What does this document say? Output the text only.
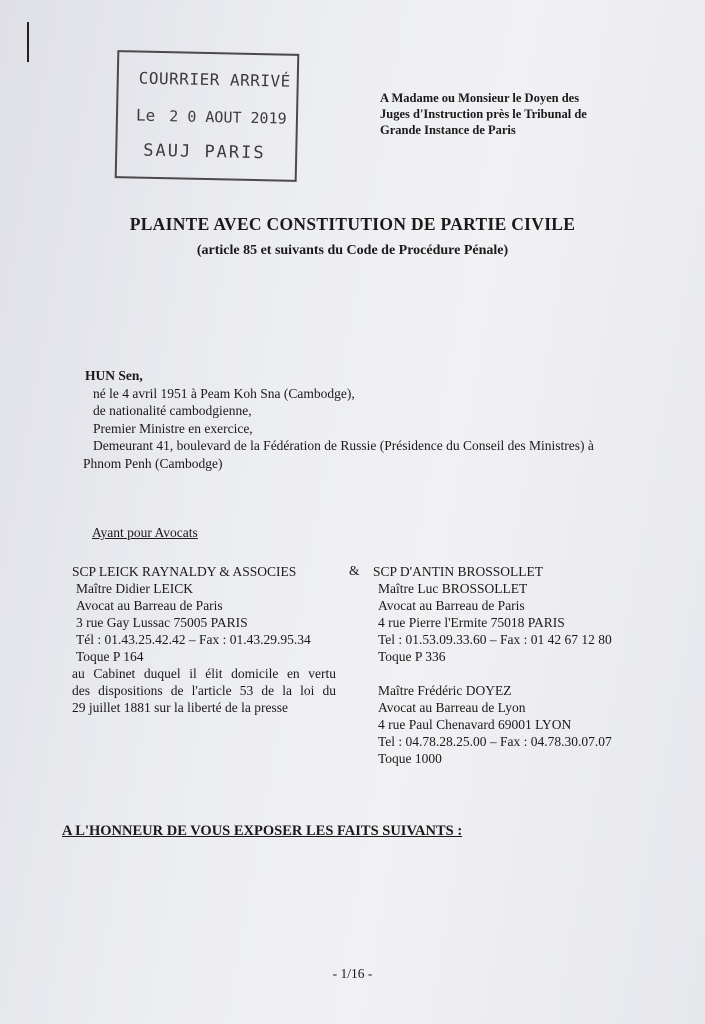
COURRIER ARRIVÉ
Le 2 0 AOUT 2019
SAUJ PARIS
A Madame ou Monsieur le Doyen des
Juges d'Instruction près le Tribunal de
Grande Instance de Paris
PLAINTE AVEC CONSTITUTION DE PARTIE CIVILE
(article 85 et suivants du Code de Procédure Pénale)
HUN Sen,
né le 4 avril 1951 à Peam Koh Sna (Cambodge),
de nationalité cambodgienne,
Premier Ministre en exercice,
Demeurant 41, boulevard de la Fédération de Russie (Présidence du Conseil des Ministres) à
Phnom Penh (Cambodge)
Ayant pour Avocats
SCP LEICK RAYNALDY & ASSOCIES
Maître Didier LEICK
Avocat au Barreau de Paris
3 rue Gay Lussac 75005 PARIS
Tél : 01.43.25.42.42 – Fax : 01.43.29.95.34
Toque P 164
au Cabinet duquel il élit domicile en vertu
des dispositions de l'article 53 de la loi du
29 juillet 1881 sur la liberté de la presse
& SCP D'ANTIN BROSSOLLET
Maître Luc BROSSOLLET
Avocat au Barreau de Paris
4 rue Pierre l'Ermite 75018 PARIS
Tel : 01.53.09.33.60 – Fax : 01 42 67 12 80
Toque P 336
Maître Frédéric DOYEZ
Avocat au Barreau de Lyon
4 rue Paul Chenavard 69001 LYON
Tel : 04.78.28.25.00 – Fax : 04.78.30.07.07
Toque 1000
A L'HONNEUR DE VOUS EXPOSER LES FAITS SUIVANTS :
- 1/16 -
